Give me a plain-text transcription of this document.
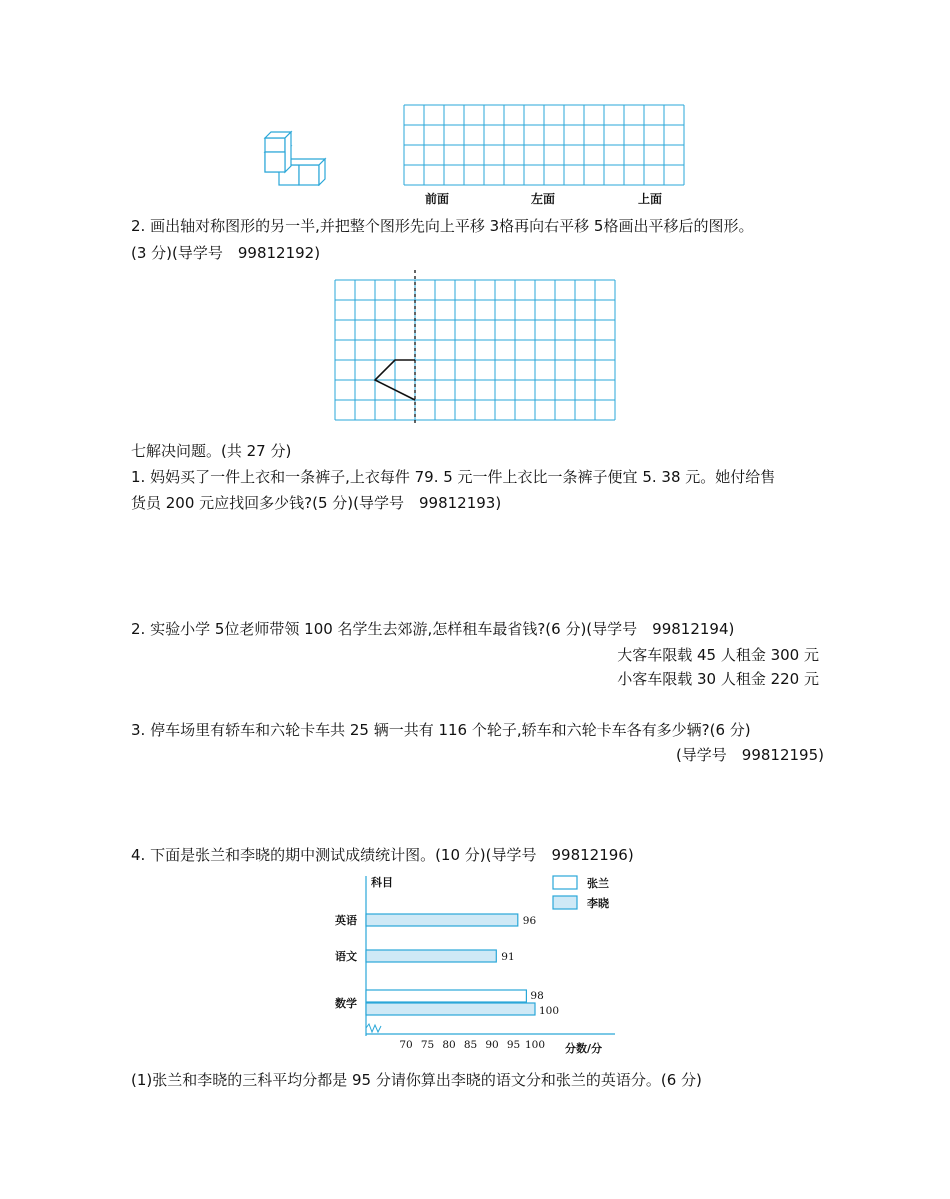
前面	左面	上面
2. 画出轴对称图形的另一半,并把整个图形先向上平移 3格再向右平移 5格画出平移后的图形。
(3 分)(导学号　99812192)
七解决问题。(共 27 分)
1. 妈妈买了一件上衣和一条裤子,上衣每件 79. 5 元一件上衣比一条裤子便宜 5. 38 元。她付给售
货员 200 元应找回多少钱?(5 分)(导学号　99812193)
2. 实验小学 5位老师带领 100 名学生去郊游,怎样租车最省钱?(6 分)(导学号　99812194)
大客车限载 45 人租金 300 元
小客车限载 30 人租金 220 元
3. 停车场里有轿车和六轮卡车共 25 辆一共有 116 个轮子,轿车和六轮卡车各有多少辆?(6 分)
(导学号　99812195)
4. 下面是张兰和李晓的期中测试成绩统计图。(10 分)(导学号　99812196)
科目
分数/分
70 75 80 85 90 95 100
英语
语文
数学
96
91
98
100
张兰
李晓
(1)张兰和李晓的三科平均分都是 95 分请你算出李晓的语文分和张兰的英语分。(6 分)
